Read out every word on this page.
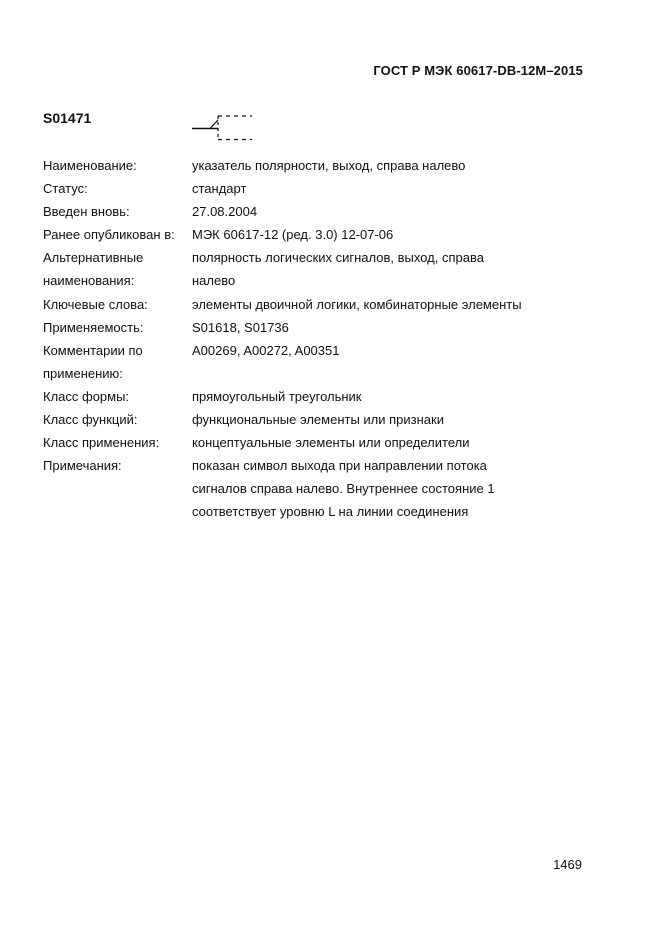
ГОСТ Р МЭК 60617-DB-12M–2015
S01471
Наименование:	указатель полярности, выход, справа налево
Статус:	стандарт
Введен вновь:	27.08.2004
Ранее опубликован в:	МЭК 60617-12 (ред. 3.0) 12-07-06
Альтернативные	полярность логических сигналов, выход, справа
наименования:	налево
Ключевые слова:	элементы двоичной логики, комбинаторные элементы
Применяемость:	S01618, S01736
Комментарии по	A00269, A00272, A00351
применению:
Класс формы:	прямоугольный треугольник
Класс функций:	функциональные элементы или признаки
Класс применения:	концептуальные элементы или определители
Примечания:	показан символ выхода при направлении потока
сигналов справа налево. Внутреннее состояние 1
соответствует уровню L на линии соединения
1469
